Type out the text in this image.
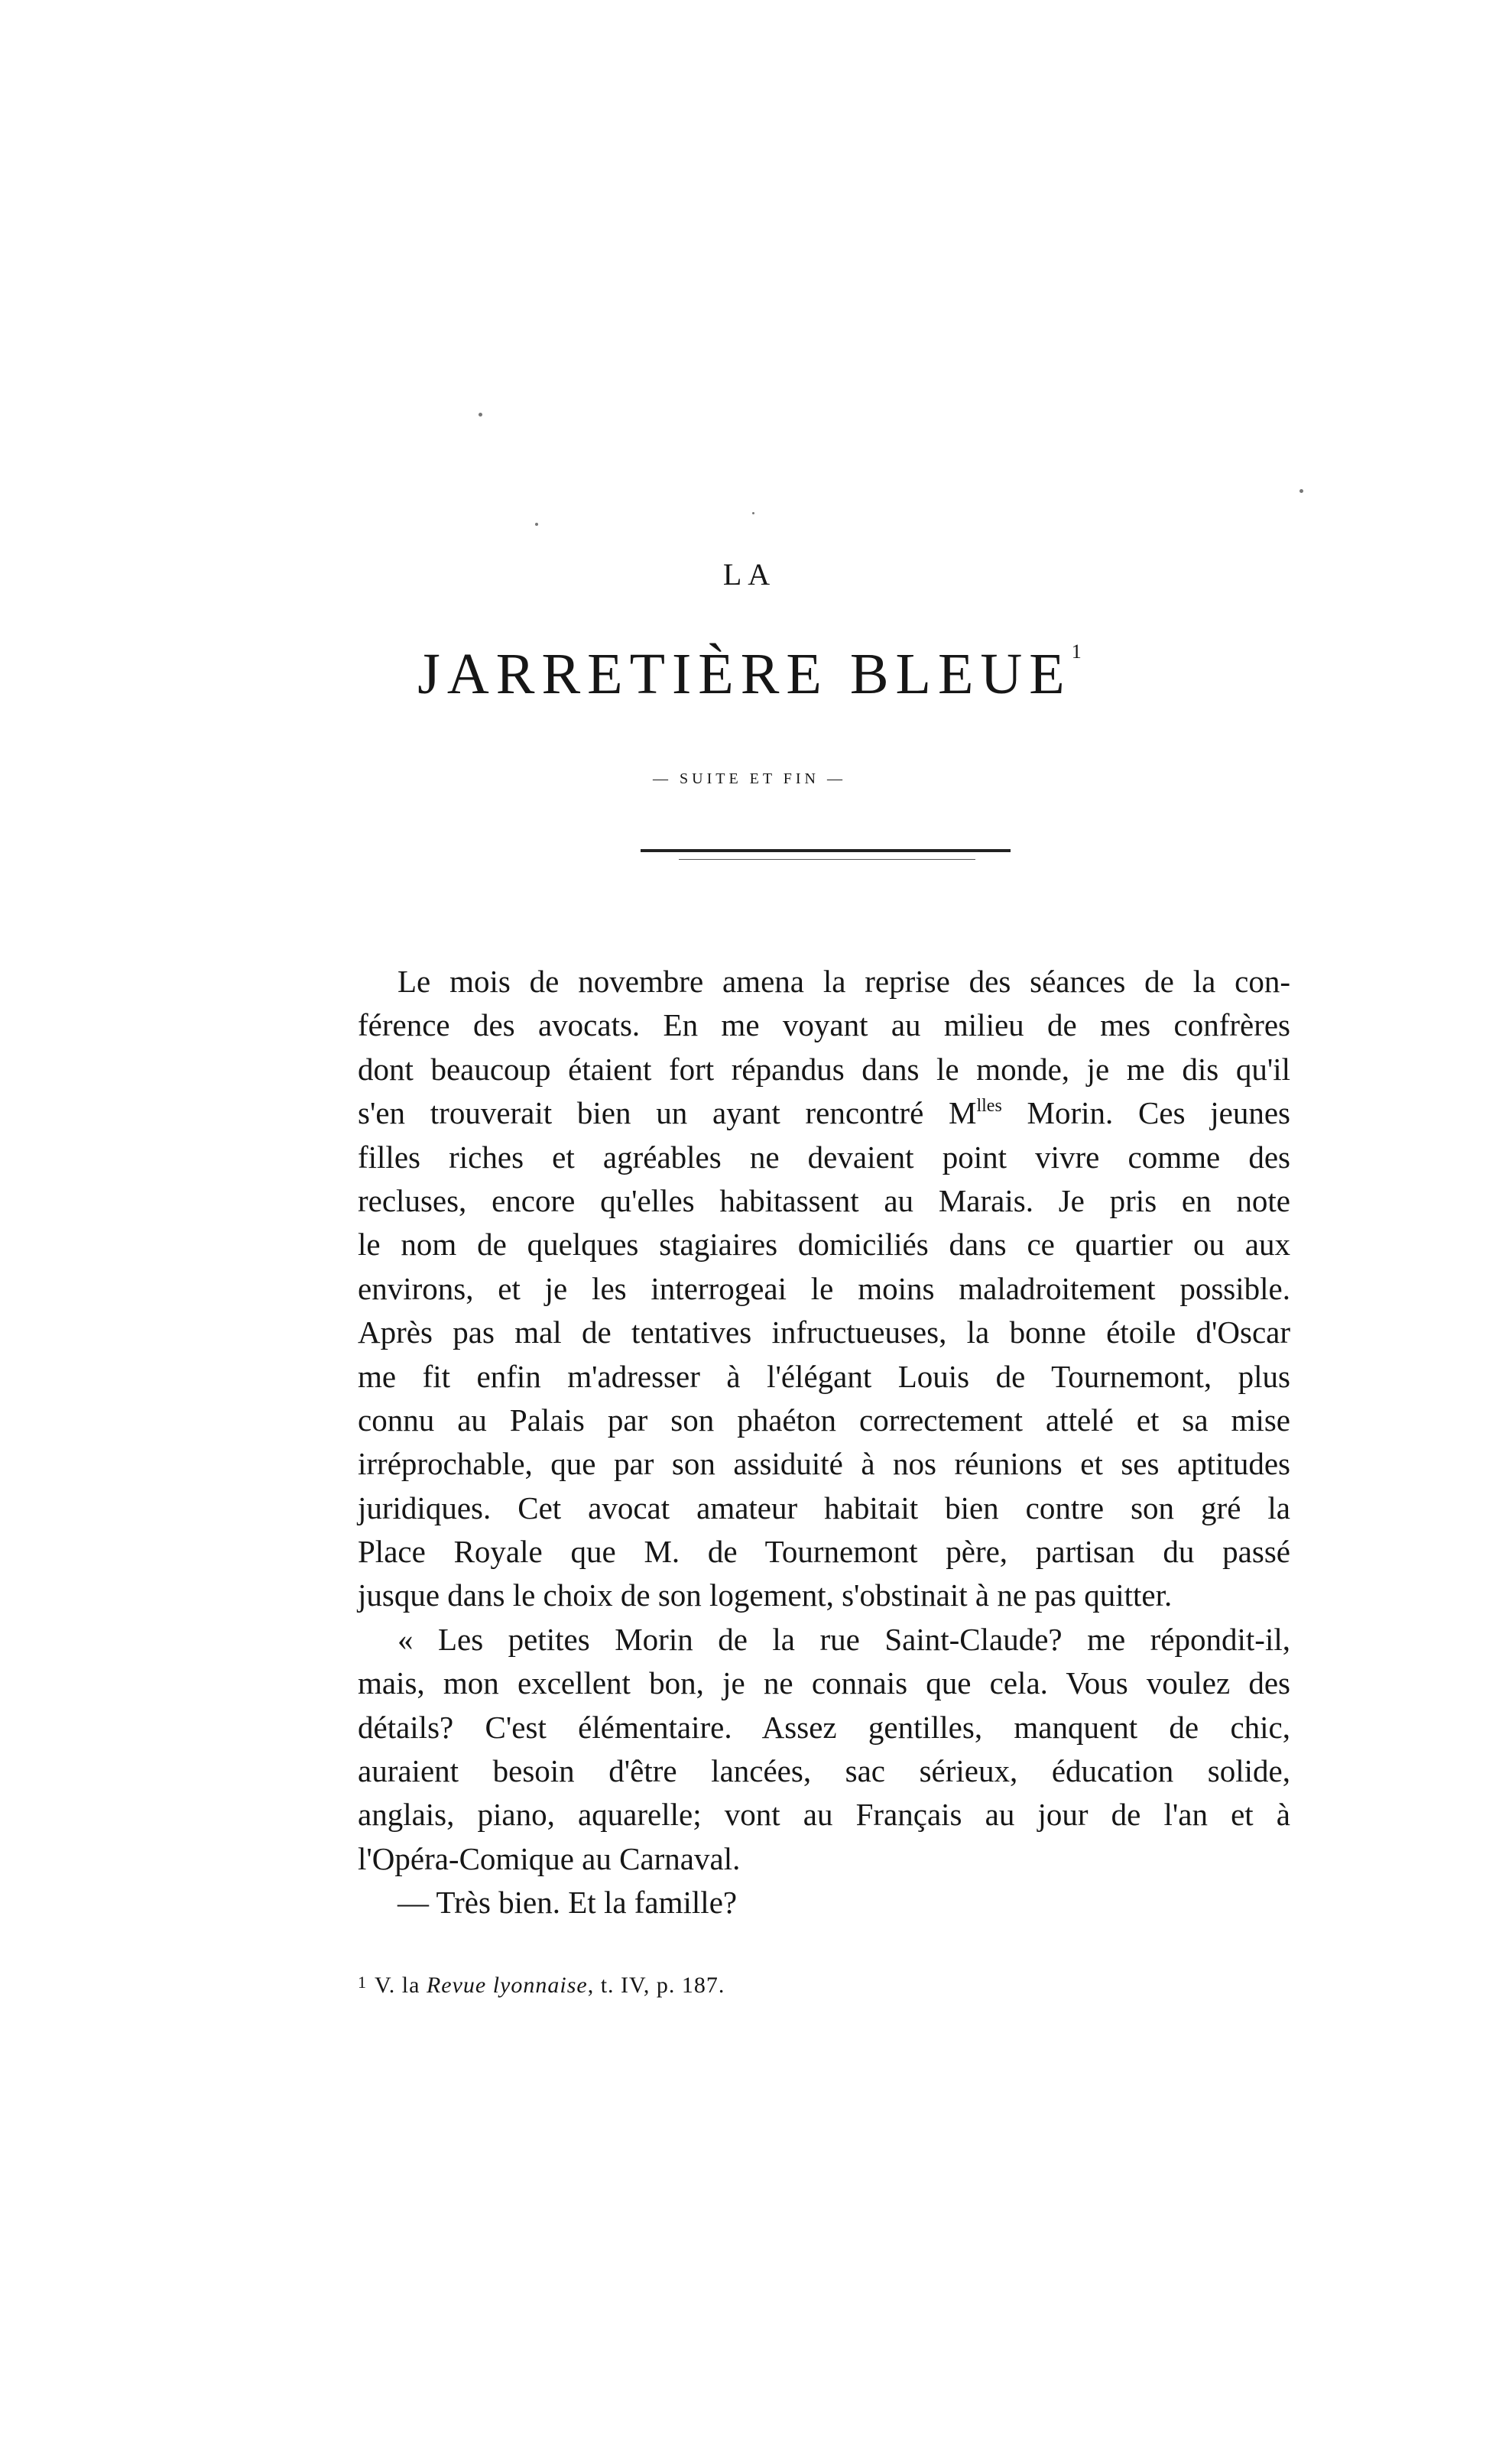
LA
JARRETIÈRE BLEUE$^1$
— SUITE ET FIN —
Le mois de novembre amena la reprise des séances de la con-
férence des avocats. En me voyant au milieu de mes confrères
dont beaucoup étaient fort répandus dans le monde, je me dis qu'il
s'en trouverait bien un ayant rencontré $M^{lles}$ Morin. Ces jeunes
filles riches et agréables ne devaient point vivre comme des
recluses, encore qu'elles habitassent au Marais. Je pris en note
le nom de quelques stagiaires domiciliés dans ce quartier ou aux
environs, et je les interrogeai le moins maladroitement possible.
Après pas mal de tentatives infructueuses, la bonne étoile d'Oscar
me fit enfin m'adresser à l'élégant Louis de Tournemont, plus
connu au Palais par son phaéton correctement attelé et sa mise
irréprochable, que par son assiduité à nos réunions et ses aptitudes
juridiques. Cet avocat amateur habitait bien contre son gré la
Place Royale que M. de Tournemont père, partisan du passé
jusque dans le choix de son logement, s'obstinait à ne pas quitter.
« Les petites Morin de la rue Saint-Claude? me répondit-il,
mais, mon excellent bon, je ne connais que cela. Vous voulez des
détails? C'est élémentaire. Assez gentilles, manquent de chic,
auraient besoin d'être lancées, sac sérieux, éducation solide,
anglais, piano, aquarelle; vont au Français au jour de l'an et à
l'Opéra-Comique au Carnaval.
— Très bien. Et la famille?
$^1$ V. la Revue lyonnaise, t. IV, p. 187.
